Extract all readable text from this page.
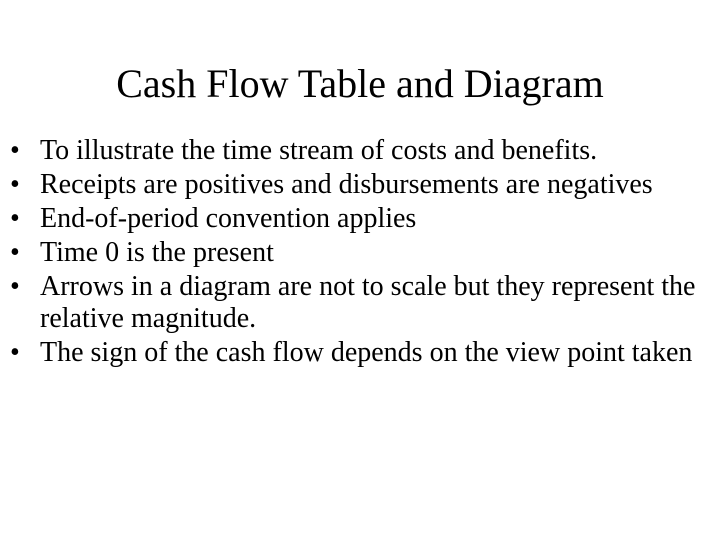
Cash Flow Table and Diagram
• To illustrate the time stream of costs and benefits.
• Receipts are positives and disbursements are negatives
• End-of-period convention applies
• Time 0 is the present
• Arrows in a diagram are not to scale but they represent the relative magnitude.
• The sign of the cash flow depends on the view point taken
